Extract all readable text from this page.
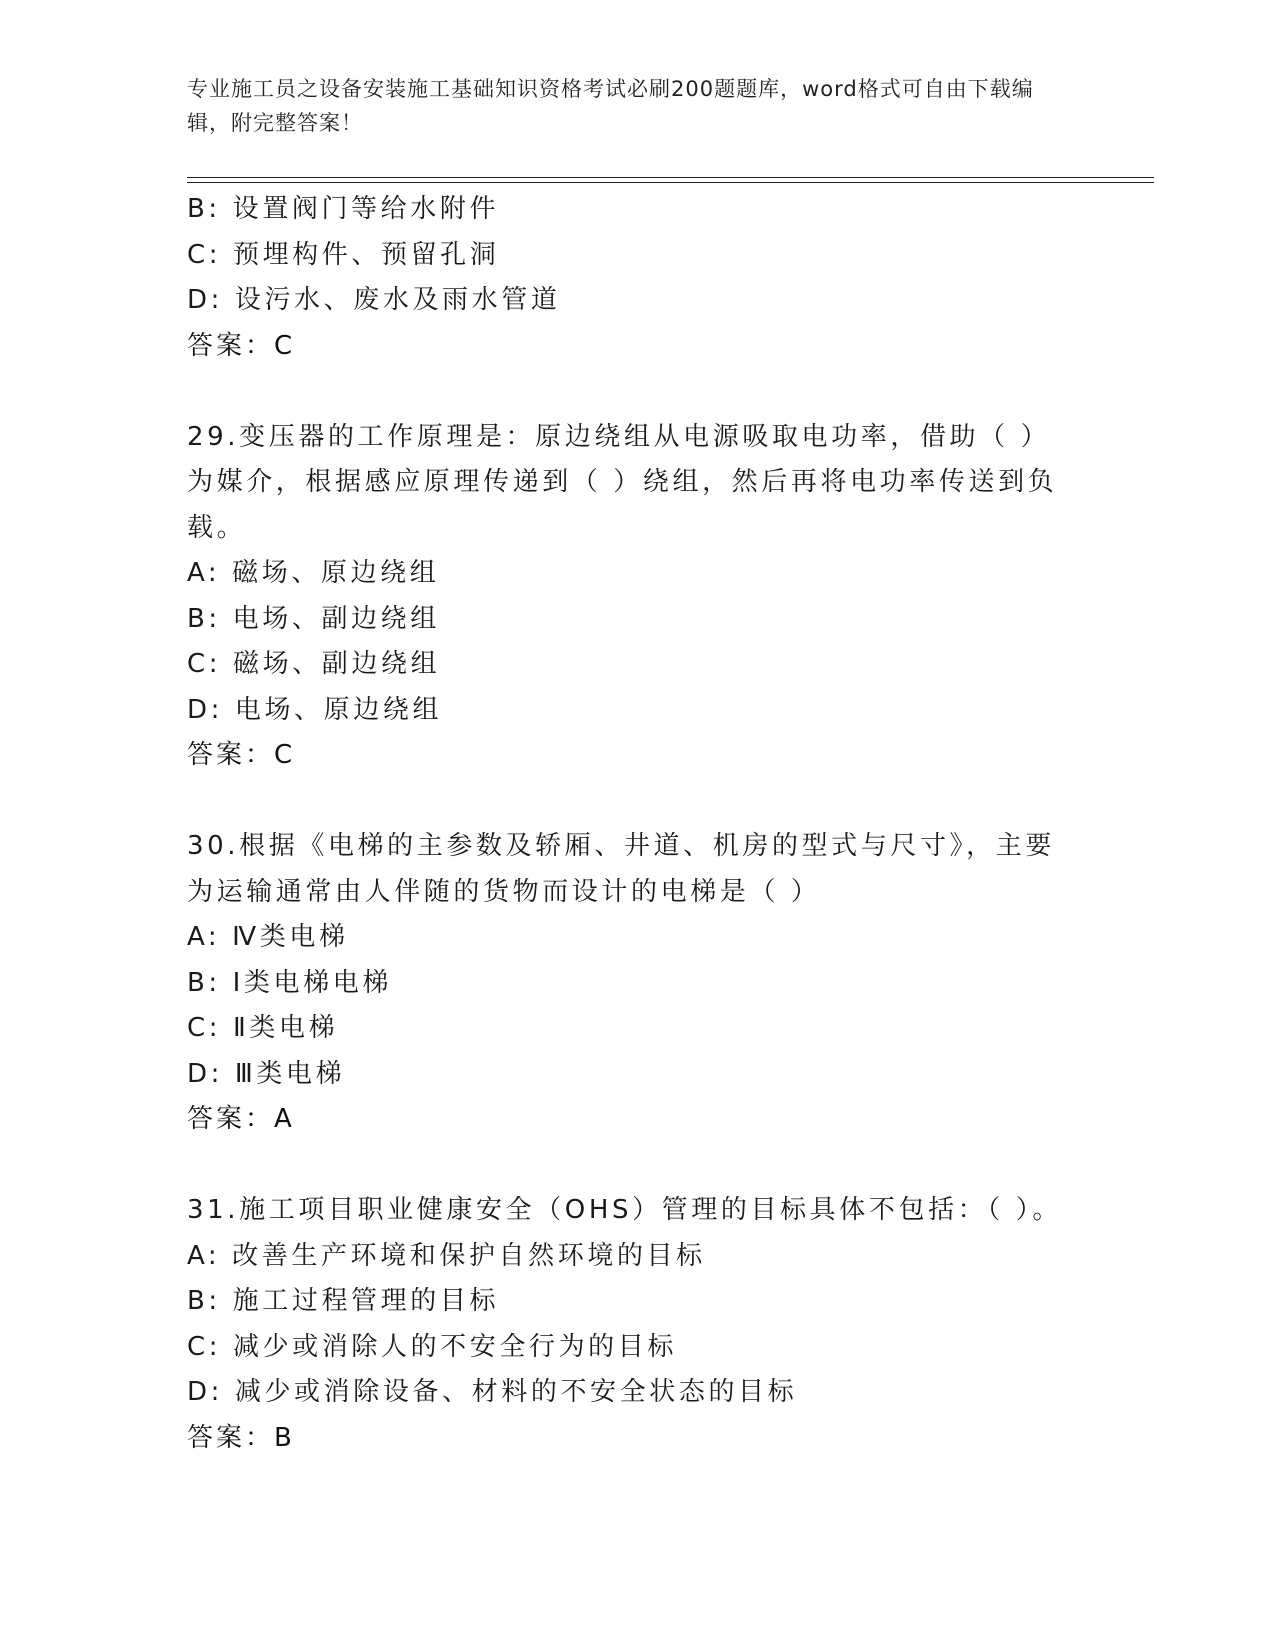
专业施工员之设备安装施工基础知识资格考试必刷200题题库，word格式可自由下载编辑，附完整答案！
B: 设置阀门等给水附件
C: 预埋构件、预留孔洞
D: 设污水、废水及雨水管道
答案：C
29.变压器的工作原理是：原边绕组从电源吸取电功率，借助（ ）为媒介，根据感应原理传递到（ ）绕组，然后再将电功率传送到负载。
A: 磁场、原边绕组
B: 电场、副边绕组
C: 磁场、副边绕组
D: 电场、原边绕组
答案：C
30.根据《电梯的主参数及轿厢、井道、机房的型式与尺寸》，主要为运输通常由人伴随的货物而设计的电梯是（ ）
A: Ⅳ类电梯
B: Ⅰ类电梯电梯
C: Ⅱ类电梯
D: Ⅲ类电梯
答案：A
31.施工项目职业健康安全（OHS）管理的目标具体不包括：（ ）。
A: 改善生产环境和保护自然环境的目标
B: 施工过程管理的目标
C: 减少或消除人的不安全行为的目标
D: 减少或消除设备、材料的不安全状态的目标
答案：B
